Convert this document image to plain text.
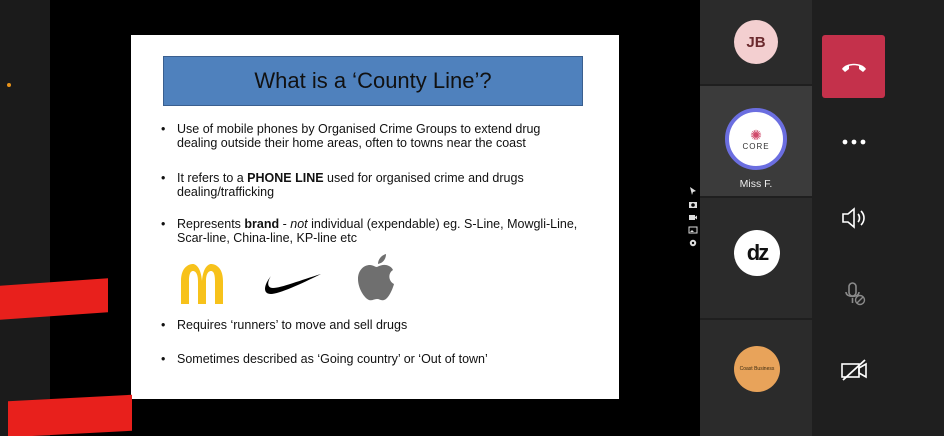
What is a ‘County Line’?
• Use of mobile phones by Organised Crime Groups to extend drug dealing outside their home areas, often to towns near the coast
• It refers to a PHONE LINE used for organised crime and drugs dealing/trafficking
• Represents brand - not individual (expendable) eg. S-Line, Mowgli-Line, Scar-line, China-line, KP-line etc
• Requires ‘runners’ to move and sell drugs
• Sometimes described as ‘Going country’ or ‘Out of town’
JB
✺
CORE
Miss F.
dz
Coast Business
